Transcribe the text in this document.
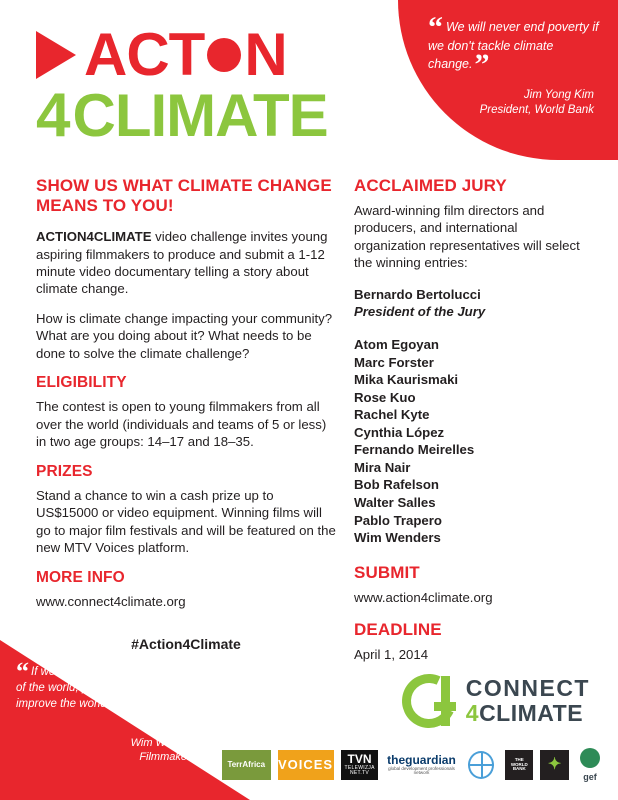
“ We will never end poverty if we don't tackle climate change.”
Jim Yong Kim
President, World Bank
ACT N
4 CLIMATE
SHOW US WHAT CLIMATE CHANGE MEANS TO YOU!

ACTION4CLIMATE video challenge invites young aspiring filmmakers to produce and submit a 1-12 minute video documentary telling a story about climate change.

How is climate change impacting your community? What are you doing about it? What needs to be done to solve the climate challenge?

ELIGIBILITY

The contest is open to young filmmakers from all over the world (individuals and teams of 5 or less) in two age groups: 14–17 and 18–35.

PRIZES

Stand a chance to win a cash prize up to US$15000 or video equipment. Winning films will go to major film festivals and will be featured on the new MTV Voices platform.

MORE INFO

www.connect4climate.org

#Action4Climate
ACCLAIMED JURY

Award-winning film directors and producers, and international organization representatives will select the winning entries:

Bernardo Bertolucci
President of the Jury

Atom Egoyan
Marc Forster
Mika Kaurismaki
Rose Kuo
Rachel Kyte
Cynthia López
Fernando Meirelles
Mira Nair
Bob Rafelson
Walter Salles
Pablo Trapero
Wim Wenders
SUBMIT

www.action4climate.org

DEADLINE

April 1, 2014

“ If we can improve the images of the world, perhaps we can improve the world.”
Wim Wenders
Filmmaker
CONNECT
4CLIMATE
TerrAfrica VOICES TVN
TELEWIZJA NET.TV
theguardian
global development professionals network
THE WORLD BANK	✦
gef
